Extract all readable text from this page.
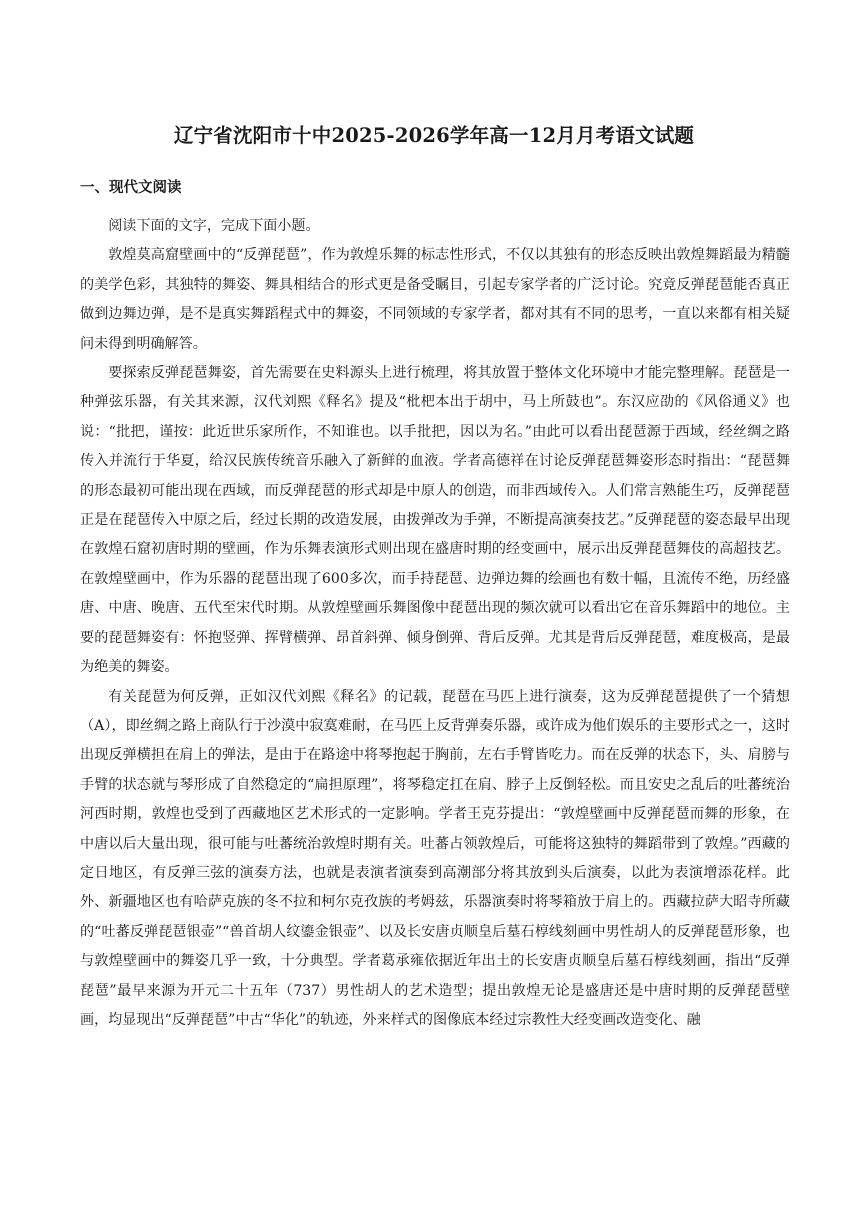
辽宁省沈阳市十中2025-2026学年高一12月月考语文试题
一、现代文阅读

阅读下面的文字，完成下面小题。

敦煌莫高窟壁画中的“反弹琵琶”，作为敦煌乐舞的标志性形式，不仅以其独有的形态反映出敦煌舞蹈最为精髓的美学色彩，其独特的舞姿、舞具相结合的形式更是备受瞩目，引起专家学者的广泛讨论。究竟反弹琵琶能否真正做到边舞边弹，是不是真实舞蹈程式中的舞姿，不同领域的专家学者，都对其有不同的思考，一直以来都有相关疑问未得到明确解答。

要探索反弹琵琶舞姿，首先需要在史料源头上进行梳理，将其放置于整体文化环境中才能完整理解。琵琶是一种弹弦乐器，有关其来源，汉代刘熙《释名》提及“枇杷本出于胡中，马上所鼓也”。东汉应劭的《风俗通义》也说：“批把，谨按：此近世乐家所作，不知谁也。以手批把，因以为名。”由此可以看出琵琶源于西域，经丝绸之路传入并流行于华夏，给汉民族传统音乐融入了新鲜的血液。学者高德祥在讨论反弹琵琶舞姿形态时指出：“琵琶舞的形态最初可能出现在西域，而反弹琵琶的形式却是中原人的创造，而非西域传入。人们常言熟能生巧，反弹琵琶正是在琵琶传入中原之后，经过长期的改造发展，由拨弹改为手弹，不断提高演奏技艺。”反弹琵琶的姿态最早出现在敦煌石窟初唐时期的壁画，作为乐舞表演形式则出现在盛唐时期的经变画中，展示出反弹琵琶舞伎的高超技艺。在敦煌壁画中，作为乐器的琵琶出现了600多次，而手持琵琶、边弹边舞的绘画也有数十幅，且流传不绝，历经盛唐、中唐、晚唐、五代至宋代时期。从敦煌壁画乐舞图像中琵琶出现的频次就可以看出它在音乐舞蹈中的地位。主要的琵琶舞姿有：怀抱竖弹、挥臂横弹、昂首斜弹、倾身倒弹、背后反弹。尤其是背后反弹琵琶，难度极高，是最为绝美的舞姿。

有关琵琶为何反弹，正如汉代刘熙《释名》的记载，琵琶在马匹上进行演奏，这为反弹琵琶提供了一个猜想（A），即丝绸之路上商队行于沙漠中寂寞难耐，在马匹上反背弹奏乐器，或许成为他们娱乐的主要形式之一，这时出现反弹横担在肩上的弹法，是由于在路途中将琴抱起于胸前，左右手臂皆吃力。而在反弹的状态下，头、肩膀与手臂的状态就与琴形成了自然稳定的“扁担原理”，将琴稳定扛在肩、脖子上反倒轻松。而且安史之乱后的吐蕃统治河西时期，敦煌也受到了西藏地区艺术形式的一定影响。学者王克芬提出：“敦煌壁画中反弹琵琶而舞的形象，在中唐以后大量出现，很可能与吐蕃统治敦煌时期有关。吐蕃占领敦煌后，可能将这独特的舞蹈带到了敦煌。”西藏的定日地区，有反弹三弦的演奏方法，也就是表演者演奏到高潮部分将其放到头后演奏，以此为表演增添花样。此外、新疆地区也有哈萨克族的冬不拉和柯尔克孜族的考姆兹，乐器演奏时将琴箱放于肩上的。西藏拉萨大昭寺所藏的“吐蕃反弹琵琶银壶”“兽首胡人纹鎏金银壶”、以及长安唐贞顺皇后墓石椁线刻画中男性胡人的反弹琵琶形象，也与敦煌壁画中的舞姿几乎一致，十分典型。学者葛承雍依据近年出土的长安唐贞顺皇后墓石椁线刻画，指出“反弹琵琶”最早来源为开元二十五年（737）男性胡人的艺术造型；提出敦煌无论是盛唐还是中唐时期的反弹琵琶壁画，均显现出“反弹琵琶”中古“华化”的轨迹，外来样式的图像底本经过宗教性大经变画改造变化、融
